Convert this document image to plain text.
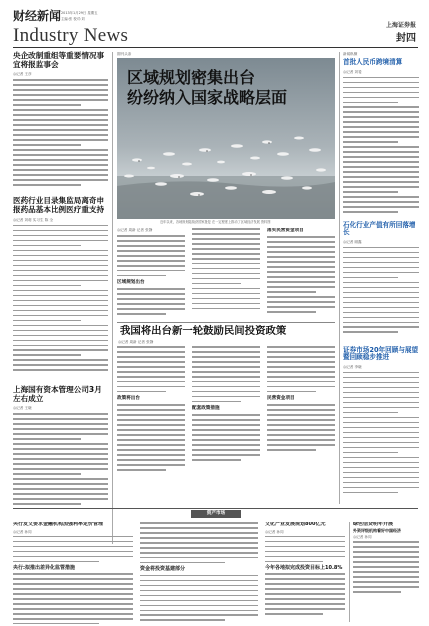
财经新闻 2013年1月29日 星期五
主编:张 校对:刘
Industry News	上海证券报
封四
央企改制重组等重要情况事宜将报监事会
◎记者 王彦
医药行业目录集监局离奇申报药品基本比例医疗重支持
◎记者 刘莉 实习生 陈 全
上海国有资本管理公司3月左右成立
◎记者 王晓
期刊头条
区域规划密集出台
纷纷纳入国家战略层面
近年以来，各地规划陆续获国家批复 在一定程度上推动了区域经济发展 资料图
◎记者 周新 记者 张静
区域规划出台
落实民营资金项目
我国将出台新一轮鼓励民间投资政策
◎记者 周新 记者 张静
政策将出台
配套政策措施
民营资金项目
新闻纵横
首批人民币跨境清算
◎记者 刘斐
石化行业产值有所回落增长
◎记者 顾鑫
证券市场20年回顾与展望暨回顾稳步推进
◎记者 李晓
资产市场
央行发文要求金融机构加强利率定价管理
◎记者 孙同
央行:拟推出差异化监管措施	资金将投资基建部分
文化产业发展规划800亿元
◎记者 孙同
今年各地拟完成投资目标上10.8%
绿色信贷明年开展
外资评级机构看好中国经济
◎记者 孙同
